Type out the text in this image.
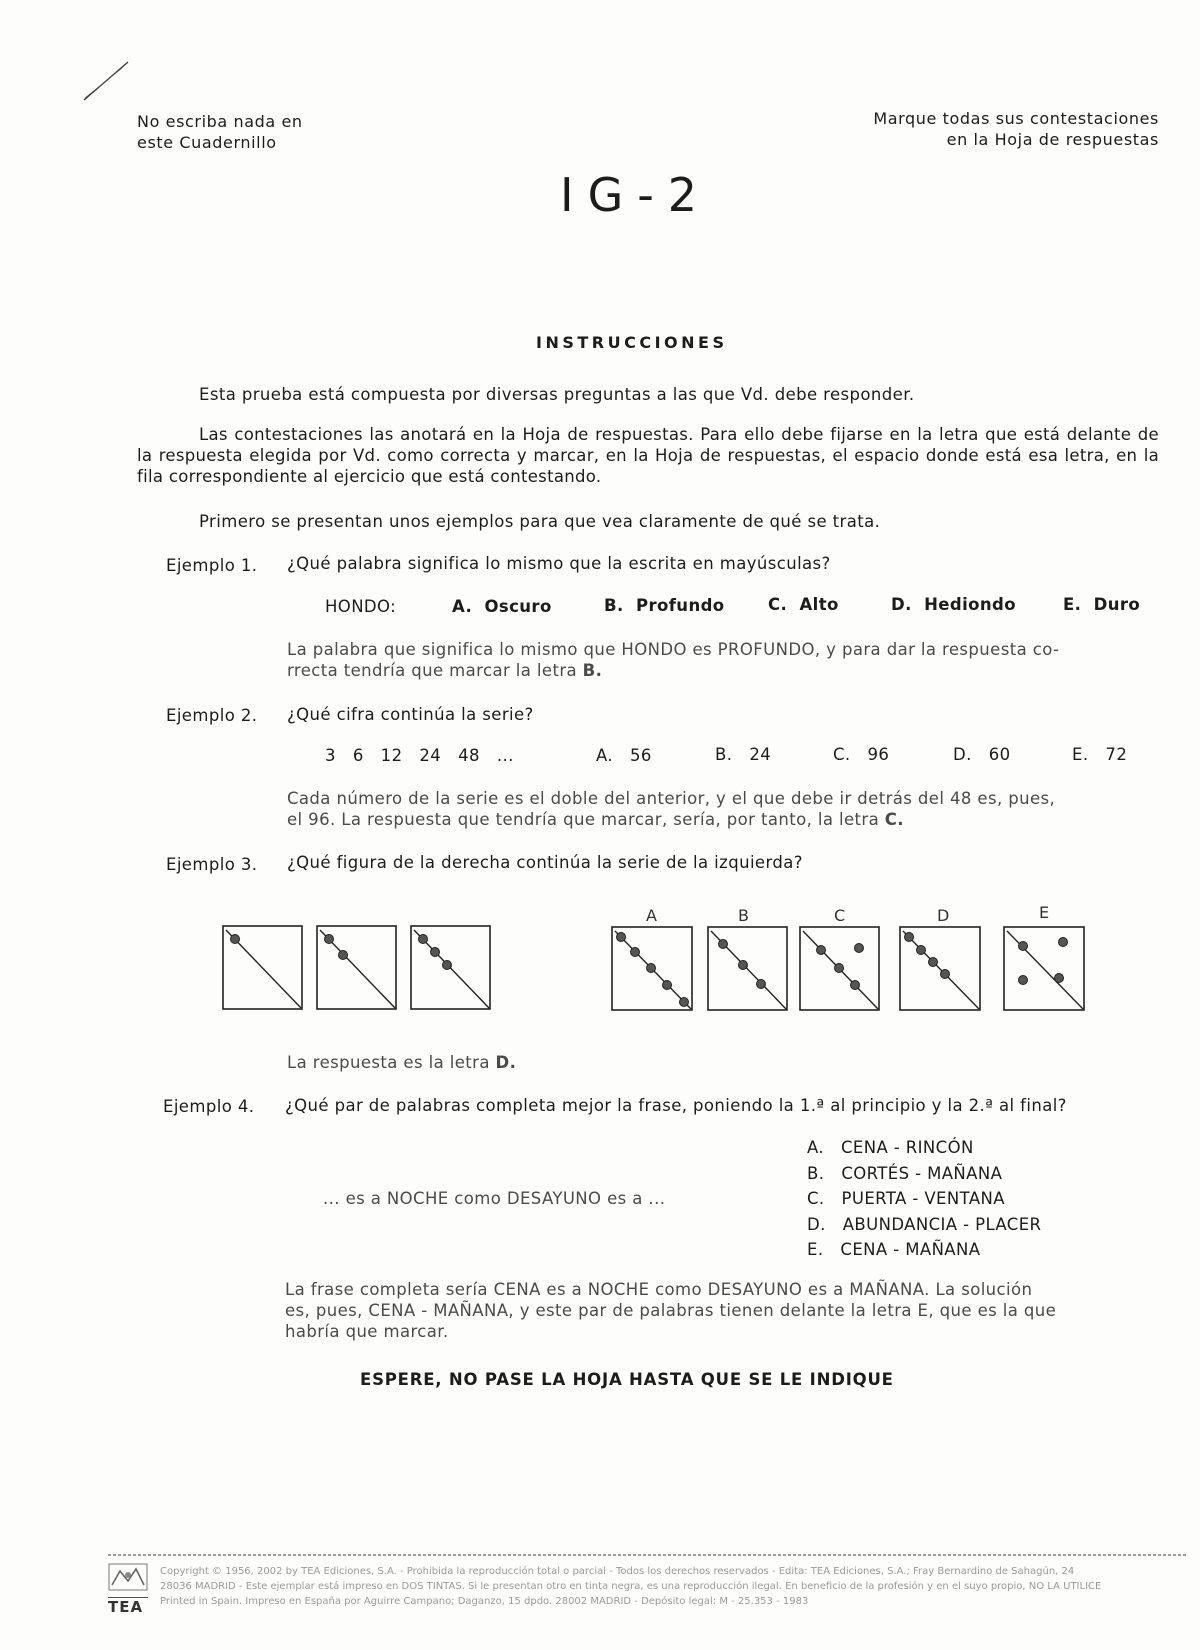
No escriba nada en
este Cuadernillo
Marque todas sus contestaciones
en la Hoja de respuestas
IG-2
INSTRUCCIONES
Esta prueba está compuesta por diversas preguntas a las que Vd. debe responder.
Las contestaciones las anotará en la Hoja de respuestas. Para ello debe fijarse en la letra que está delante de la respuesta elegida por Vd. como correcta y marcar, en la Hoja de respuestas, el espacio donde está esa letra, en la fila correspondiente al ejercicio que está contestando.
Primero se presentan unos ejemplos para que vea claramente de qué se trata.
Ejemplo 1. ¿Qué palabra significa lo mismo que la escrita en mayúsculas?
HONDO:	A. Oscuro	B. Profundo	C. Alto	D. Hediondo	E. Duro
La palabra que significa lo mismo que HONDO es PROFUNDO, y para dar la respuesta co-
rrecta tendría que marcar la letra B.
Ejemplo 2. ¿Qué cifra continúa la serie?
3   6   12   24   48   ...	A. 56	B. 24	C. 96	D. 60	E. 72
Cada número de la serie es el doble del anterior, y el que debe ir detrás del 48 es, pues,
el 96. La respuesta que tendría que marcar, sería, por tanto, la letra C.
Ejemplo 3. ¿Qué figura de la derecha continúa la serie de la izquierda?
A	B	C	D	E
La respuesta es la letra D.
Ejemplo 4. ¿Qué par de palabras completa mejor la frase, poniendo la 1.ª al principio y la 2.ª al final?
... es a NOCHE como DESAYUNO es a ...
A. CENA - RINCÓN
B. CORTÉS - MAÑANA
C. PUERTA - VENTANA
D. ABUNDANCIA - PLACER
E. CENA - MAÑANA
La frase completa sería CENA es a NOCHE como DESAYUNO es a MAÑANA. La solución
es, pues, CENA - MAÑANA, y este par de palabras tienen delante la letra E, que es la que
habría que marcar.
ESPERE, NO PASE LA HOJA HASTA QUE SE LE INDIQUE
TEA
Copyright © 1956, 2002 by TEA Ediciones, S.A. - Prohibida la reproducción total o parcial - Todos los derechos reservados - Edita: TEA Ediciones, S.A.; Fray Bernardino de Sahagún, 24
28036 MADRID - Este ejemplar está impreso en DOS TINTAS. Si le presentan otro en tinta negra, es una reproducción ilegal. En beneficio de la profesión y en el suyo propio, NO LA UTILICE
Printed in Spain. Impreso en España por Aguirre Campano; Daganzo, 15 dpdo. 28002 MADRID - Depósito legal: M - 25.353 - 1983
